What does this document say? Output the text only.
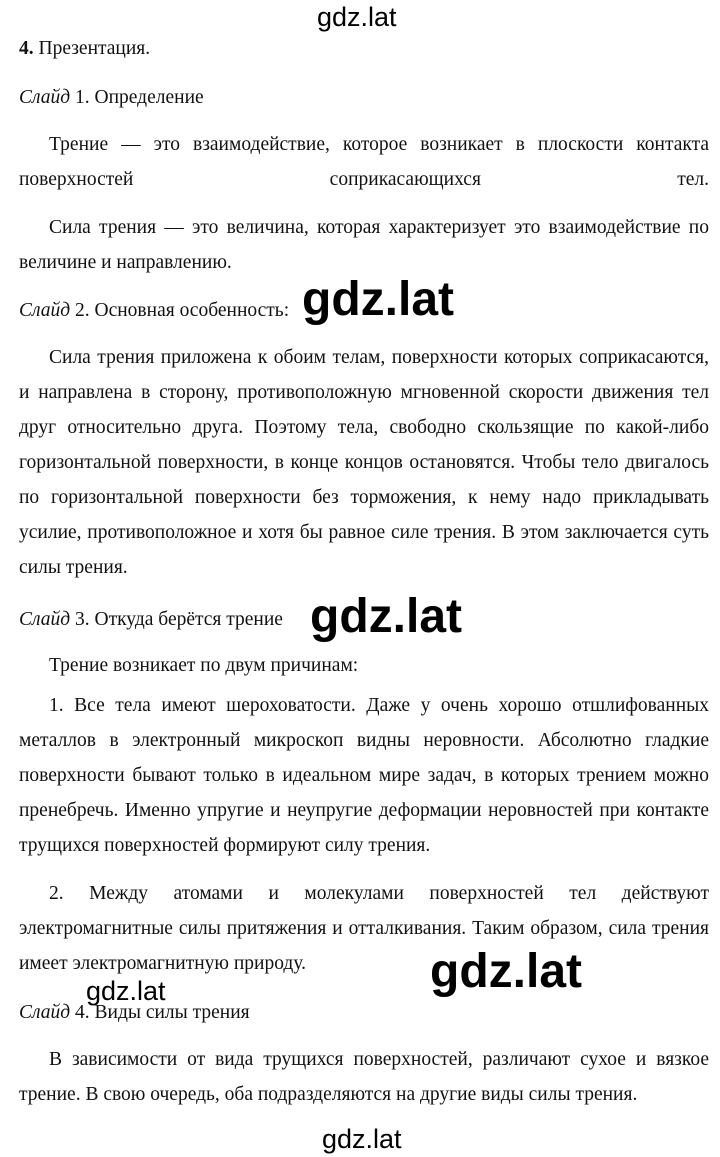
gdz.lat
gdz.lat
gdz.lat
gdz.lat
gdz.lat
gdz.lat
4. Презентация.
Слайд 1. Определение

Трение — это взаимодействие, которое возникает в плоскости контакта поверхностей соприкасающихся тел.

Сила трения — это величина, которая характеризует это взаимодействие по величине и направлению.

Слайд 2. Основная особенность:

Сила трения приложена к обоим телам, поверхности которых соприкасаются, и направлена в сторону, противоположную мгновенной скорости движения тел друг относительно друга. Поэтому тела, свободно скользящие по какой-либо горизонтальной поверхности, в конце концов остановятся. Чтобы тело двигалось по горизонтальной поверхности без торможения, к нему надо прикладывать усилие, противоположное и хотя бы равное силе трения. В этом заключается суть силы трения.

Слайд 3. Откуда берётся трение

Трение возникает по двум причинам:

1. Все тела имеют шероховатости. Даже у очень хорошо отшлифованных металлов в электронный микроскоп видны неровности. Абсолютно гладкие поверхности бывают только в идеальном мире задач, в которых трением можно пренебречь. Именно упругие и неупругие деформации неровностей при контакте трущихся поверхностей формируют силу трения.

2. Между атомами и молекулами поверхностей тел действуют электромагнитные силы притяжения и отталкивания. Таким образом, сила трения имеет электромагнитную природу.

Слайд 4. Виды силы трения

В зависимости от вида трущихся поверхностей, различают сухое и вязкое трение. В свою очередь, оба подразделяются на другие виды силы трения.
